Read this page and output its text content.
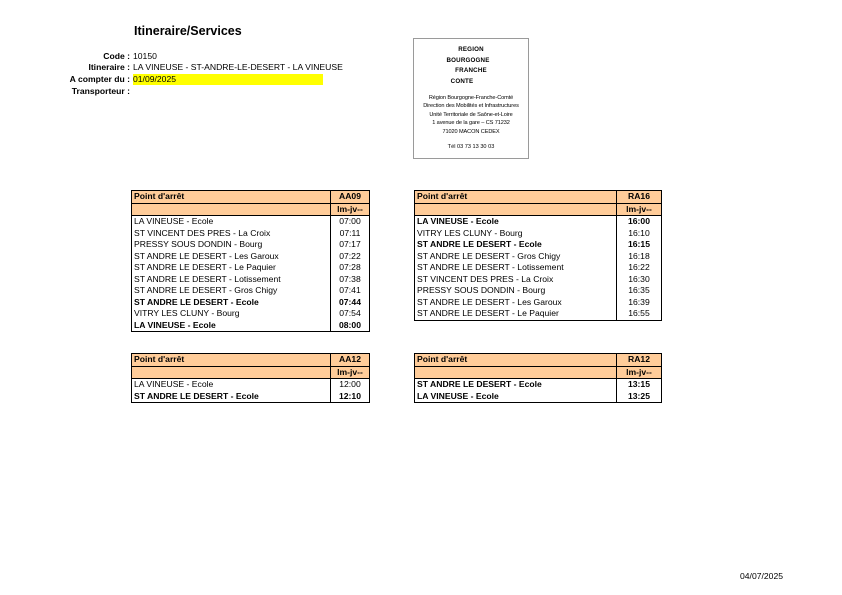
Itineraire/Services
Code : 10150
Itineraire : LA VINEUSE - ST-ANDRE-LE-DESERT - LA VINEUSE
A compter du : 01/09/2025
Transporteur :
REGION
BOURGOGNE
FRANCHE
CONTE
Région Bourgogne-Franche-Comté
Direction des Mobilités et Infrastructures
Unité Territoriale de Saône-et-Loire
1 avenue de la gare – CS 71232
71020 MACON CEDEX
Tél 03 73 13 30 03
Point d'arrêt	AA09
	lm-jv--
LA VINEUSE - Ecole	07:00
ST VINCENT DES PRES - La Croix	07:11
PRESSY SOUS DONDIN - Bourg	07:17
ST ANDRE LE DESERT - Les Garoux	07:22
ST ANDRE LE DESERT - Le Paquier	07:28
ST ANDRE LE DESERT - Lotissement	07:38
ST ANDRE LE DESERT - Gros Chigy	07:41
ST ANDRE LE DESERT - Ecole	07:44
VITRY LES CLUNY - Bourg	07:54
LA VINEUSE - Ecole	08:00
Point d'arrêt	RA16
	lm-jv--
LA VINEUSE - Ecole	16:00
VITRY LES CLUNY - Bourg	16:10
ST ANDRE LE DESERT - Ecole	16:15
ST ANDRE LE DESERT - Gros Chigy	16:18
ST ANDRE LE DESERT - Lotissement	16:22
ST VINCENT DES PRES - La Croix	16:30
PRESSY SOUS DONDIN - Bourg	16:35
ST ANDRE LE DESERT - Les Garoux	16:39
ST ANDRE LE DESERT - Le Paquier	16:55
Point d'arrêt	AA12
	lm-jv--
LA VINEUSE - Ecole	12:00
ST ANDRE LE DESERT - Ecole	12:10
Point d'arrêt	RA12
	lm-jv--
ST ANDRE LE DESERT - Ecole	13:15
LA VINEUSE - Ecole	13:25
04/07/2025
